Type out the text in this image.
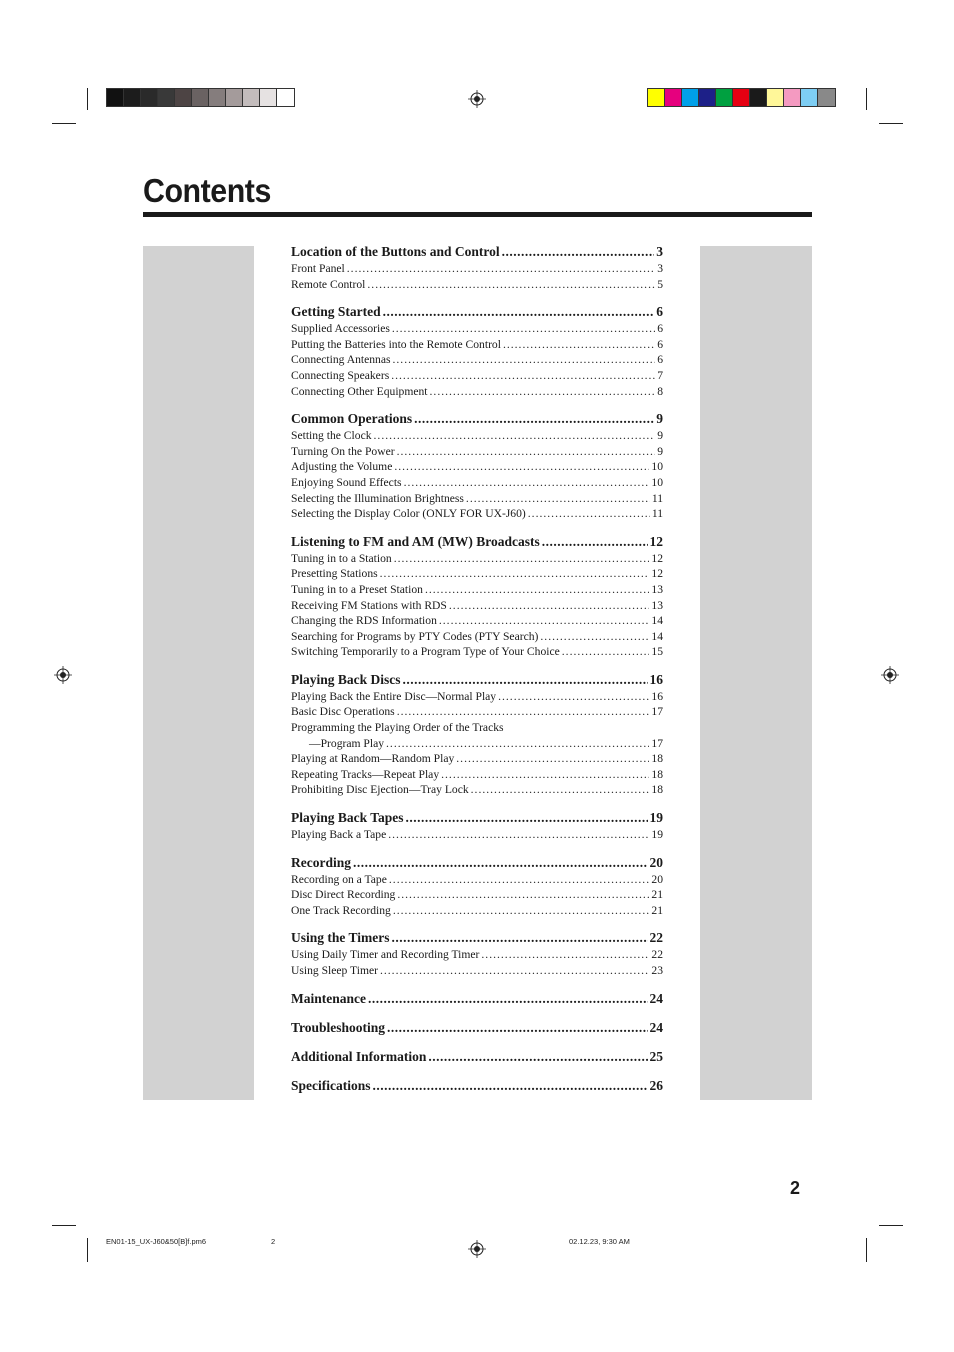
Contents
Location of the Buttons and Control .....	3
Front Panel .....	3
Remote Control .....	5
Getting Started .....	6
Supplied Accessories .....	6
Putting the Batteries into the Remote Control .....	6
Connecting Antennas .....	6
Connecting Speakers .....	7
Connecting Other Equipment .....	8
Common Operations .....	9
Setting the Clock .....	9
Turning On the Power .....	9
Adjusting the Volume .....	10
Enjoying Sound Effects .....	10
Selecting the Illumination Brightness .....	11
Selecting the Display Color (ONLY FOR UX-J60) .....	11
Listening to FM and AM (MW) Broadcasts .....	12
Tuning in to a Station .....	12
Presetting Stations .....	12
Tuning in to a Preset Station .....	13
Receiving FM Stations with RDS .....	13
Changing the RDS Information .....	14
Searching for Programs by PTY Codes (PTY Search) .....	14
Switching Temporarily to a Program Type of Your Choice .....	15
Playing Back Discs .....	16
Playing Back the Entire Disc—Normal Play .....	16
Basic Disc Operations .....	17
Programming the Playing Order of the Tracks
—Program Play .....	17
Playing at Random—Random Play .....	18
Repeating Tracks—Repeat Play .....	18
Prohibiting Disc Ejection—Tray Lock .....	18
Playing Back Tapes .....	19
Playing Back a Tape .....	19
Recording .....	20
Recording on a Tape .....	20
Disc Direct Recording .....	21
One Track Recording .....	21
Using the Timers .....	22
Using Daily Timer and Recording Timer .....	22
Using Sleep Timer .....	23
Maintenance .....	24
Troubleshooting .....	24
Additional Information .....	25
Specifications .....	26
2
EN01-15_UX-J60&50[B]f.pm6	2	02.12.23, 9:30 AM
